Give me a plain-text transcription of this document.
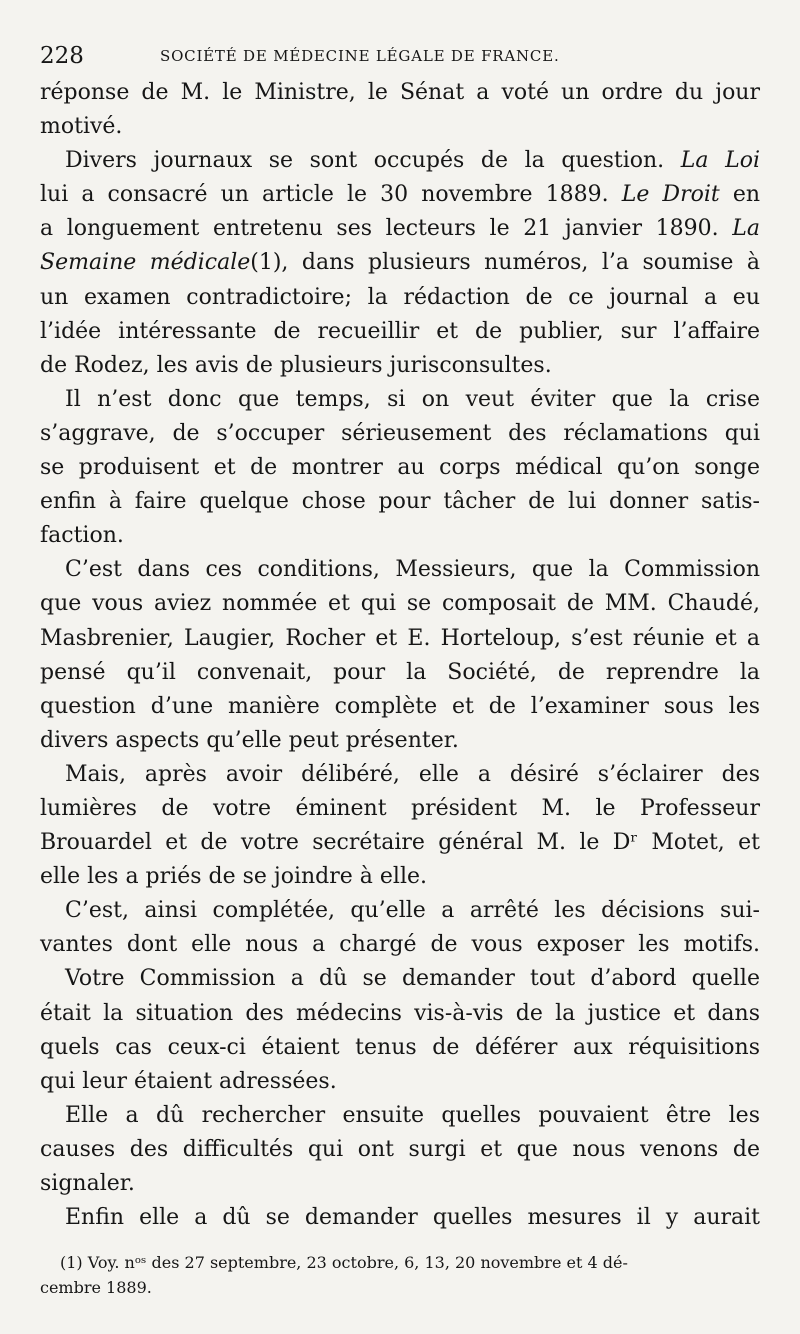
228	SOCIÉTÉ DE MÉDECINE LÉGALE DE FRANCE.
réponse de M. le Ministre, le Sénat a voté un ordre du jour
motivé.
Divers journaux se sont occupés de la question. La Loi
lui a consacré un article le 30 novembre 1889. Le Droit en
a longuement entretenu ses lecteurs le 21 janvier 1890. La
Semaine médicale(1), dans plusieurs numéros, l’a soumise à
un examen contradictoire; la rédaction de ce journal a eu
l’idée intéressante de recueillir et de publier, sur l’affaire
de Rodez, les avis de plusieurs jurisconsultes.
Il n’est donc que temps, si on veut éviter que la crise
s’aggrave, de s’occuper sérieusement des réclamations qui
se produisent et de montrer au corps médical qu’on songe
enfin à faire quelque chose pour tâcher de lui donner satis-
faction.
C’est dans ces conditions, Messieurs, que la Commission
que vous aviez nommée et qui se composait de MM. Chaudé,
Masbrenier, Laugier, Rocher et E. Horteloup, s’est réunie et a
pensé qu’il convenait, pour la Société, de reprendre la
question d’une manière complète et de l’examiner sous les
divers aspects qu’elle peut présenter.
Mais, après avoir délibéré, elle a désiré s’éclairer des
lumières de votre éminent président M. le Professeur
Brouardel et de votre secrétaire général M. le Dʳ Motet, et
elle les a priés de se joindre à elle.
C’est, ainsi complétée, qu’elle a arrêté les décisions sui-
vantes dont elle nous a chargé de vous exposer les motifs.
Votre Commission a dû se demander tout d’abord quelle
était la situation des médecins vis-à-vis de la justice et dans
quels cas ceux-ci étaient tenus de déférer aux réquisitions
qui leur étaient adressées.
Elle a dû rechercher ensuite quelles pouvaient être les
causes des difficultés qui ont surgi et que nous venons de
signaler.
Enfin elle a dû se demander quelles mesures il y aurait
(1) Voy. nᵒˢ des 27 septembre, 23 octobre, 6, 13, 20 novembre et 4 dé-
cembre 1889.
